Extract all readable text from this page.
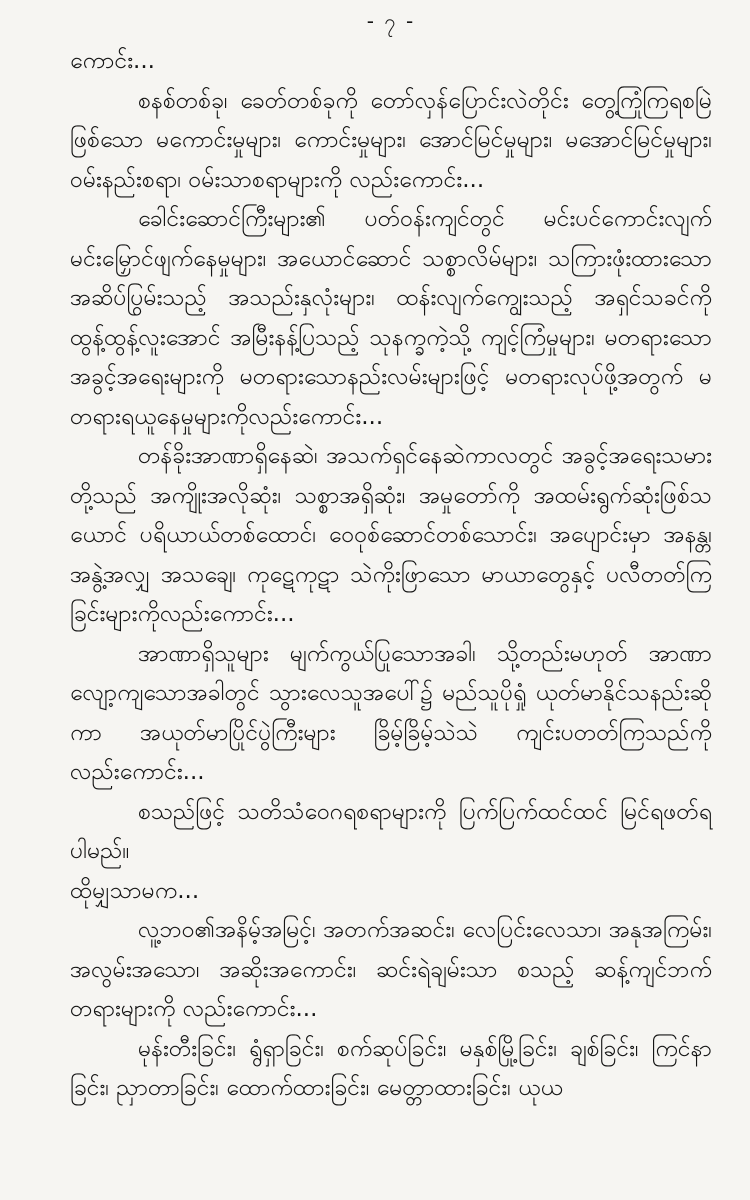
- ၇ -

ကောင်း...

စနစ်တစ်ခု၊ ခေတ်တစ်ခုကို တော်လှန်ပြောင်းလဲတိုင်း တွေ့ကြုံကြရစမြဲဖြစ်သော မကောင်းမှုများ၊ ကောင်းမှုများ၊ အောင်မြင်မှုများ၊ မအောင်မြင်မှုများ၊ ဝမ်းနည်းစရာ၊ ဝမ်းသာစရာများကို လည်းကောင်း...

ခေါင်းဆောင်ကြီးများ၏ ပတ်ဝန်းကျင်တွင် မင်းပင်ကောင်းလျက် မင်းမြှောင်ဖျက်နေမှုများ၊ အယောင်ဆောင် သစ္စာလိမ်များ၊ သကြားဖုံးထားသော အဆိပ်ပြွမ်းသည့် အသည်းနှလုံးများ၊ ထန်းလျက်ကျွေးသည့် အရှင်သခင်ကို ထွန့်ထွန့်လူးအောင် အမြီးနန့်ပြသည့် သုနက္ခကဲ့သို့ ကျင့်ကြံမှုများ၊ မတရားသော အခွင့်အရေးများကို မတရားသောနည်းလမ်းများဖြင့် မတရားလုပ်ဖို့အတွက် မတရားရယူနေမှုများကိုလည်းကောင်း...

တန်ခိုးအာဏာရှိနေဆဲ၊ အသက်ရှင်နေဆဲကာလတွင် အခွင့်အရေးသမားတို့သည် အကျိုးအလိုဆုံး၊ သစ္စာအရှိဆုံး၊ အမှုတော်ကို အထမ်းရွက်ဆုံးဖြစ်သယောင် ပရိယာယ်တစ်ထောင်၊ ဝေဝုစ်ဆောင်တစ်သောင်း၊ အပျောင်းမှာ အနန္တ၊ အနွဲ့အလျှ အသချေ၊ ကုဋေကုဋာ သဲကိုးဖြာသော မာယာတွေနှင့် ပလီတတ်ကြခြင်းများကိုလည်းကောင်း...

အာဏာရှိသူများ မျက်ကွယ်ပြုသောအခါ၊ သို့တည်းမဟုတ် အာဏာလျော့ကျသောအခါတွင် သွားလေသူအပေါ်၌ မည်သူပိုရှုံ ယုတ်မာနိုင်သနည်းဆိုကာ အယုတ်မာပြိုင်ပွဲကြီးများ ခြိမ့်ခြိမ့်သဲသဲ ကျင်းပတတ်ကြသည်ကို လည်းကောင်း...

စသည်ဖြင့် သတိသံဝေဂရစရာများကို ပြက်ပြက်ထင်ထင် မြင်ရဖတ်ရပါမည်။

ထိုမျှသာမက...

လူ့ဘဝ၏အနိမ့်အမြင့်၊ အတက်အဆင်း၊ လေပြင်းလေသာ၊ အနုအကြမ်း၊ အလွမ်းအသော၊ အဆိုးအကောင်း၊ ဆင်းရဲချမ်းသာ စသည့် ဆန့်ကျင်ဘက်တရားများကို လည်းကောင်း...

မုန်းတီးခြင်း၊ ရွံရှာခြင်း၊ စက်ဆုပ်ခြင်း၊ မနှစ်မြို့ခြင်း၊ ချစ်ခြင်း၊ ကြင်နာခြင်း၊ ညှာတာခြင်း၊ ထောက်ထားခြင်း၊ မေတ္တာထားခြင်း၊ ယုယ
